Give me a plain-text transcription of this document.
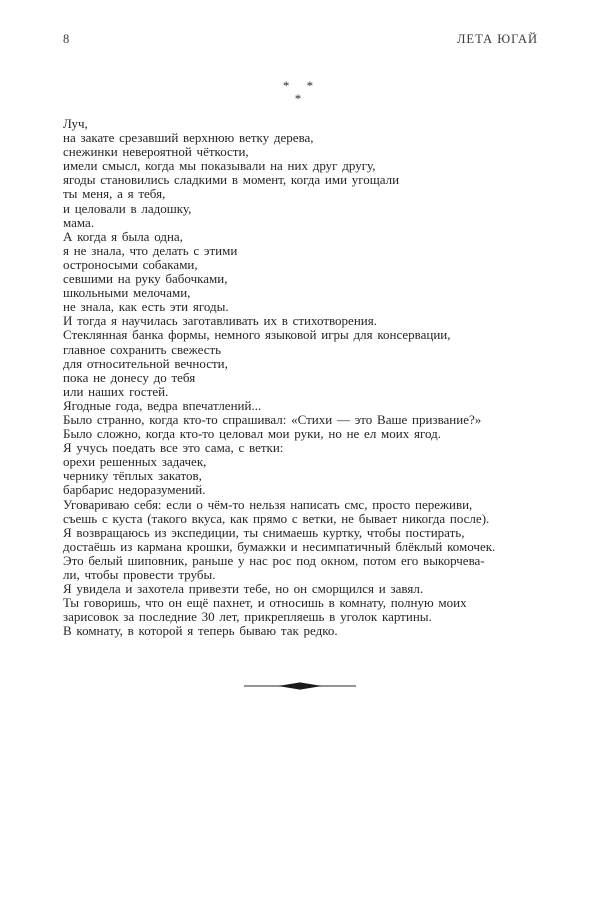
8	ЛЕТА ЮГАЙ
* *
*
Луч,
на закате срезавший верхнюю ветку дерева,
снежинки невероятной чёткости,
имели смысл, когда мы показывали на них друг другу,
ягоды становились сладкими в момент, когда ими угощали
ты меня, а я тебя,
и целовали в ладошку,
мама.
А когда я была одна,
я не знала, что делать с этими
остроносыми собаками,
севшими на руку бабочками,
школьными мелочами,
не знала, как есть эти ягоды.
И тогда я научилась заготавливать их в стихотворения.
Стеклянная банка формы, немного языковой игры для консервации,
главное сохранить свежесть
для относительной вечности,
пока не донесу до тебя
или наших гостей.
Ягодные года, ведра впечатлений...
Было странно, когда кто-то спрашивал: «Стихи — это Ваше призвание?»
Было сложно, когда кто-то целовал мои руки, но не ел моих ягод.
Я учусь поедать все это сама, с ветки:
орехи решенных задачек,
чернику тёплых закатов,
барбарис недоразумений.
Уговариваю себя: если о чём-то нельзя написать смс, просто переживи,
съешь с куста (такого вкуса, как прямо с ветки, не бывает никогда после).
Я возвращаюсь из экспедиции, ты снимаешь куртку, чтобы постирать,
достаёшь из кармана крошки, бумажки и несимпатичный блёклый комочек.
Это белый шиповник, раньше у нас рос под окном, потом его выкорчева-
ли, чтобы провести трубы.
Я увидела и захотела привезти тебе, но он сморщился и завял.
Ты говоришь, что он ещё пахнет, и относишь в комнату, полную моих
зарисовок за последние 30 лет, прикрепляешь в уголок картины.
В комнату, в которой я теперь бываю так редко.
